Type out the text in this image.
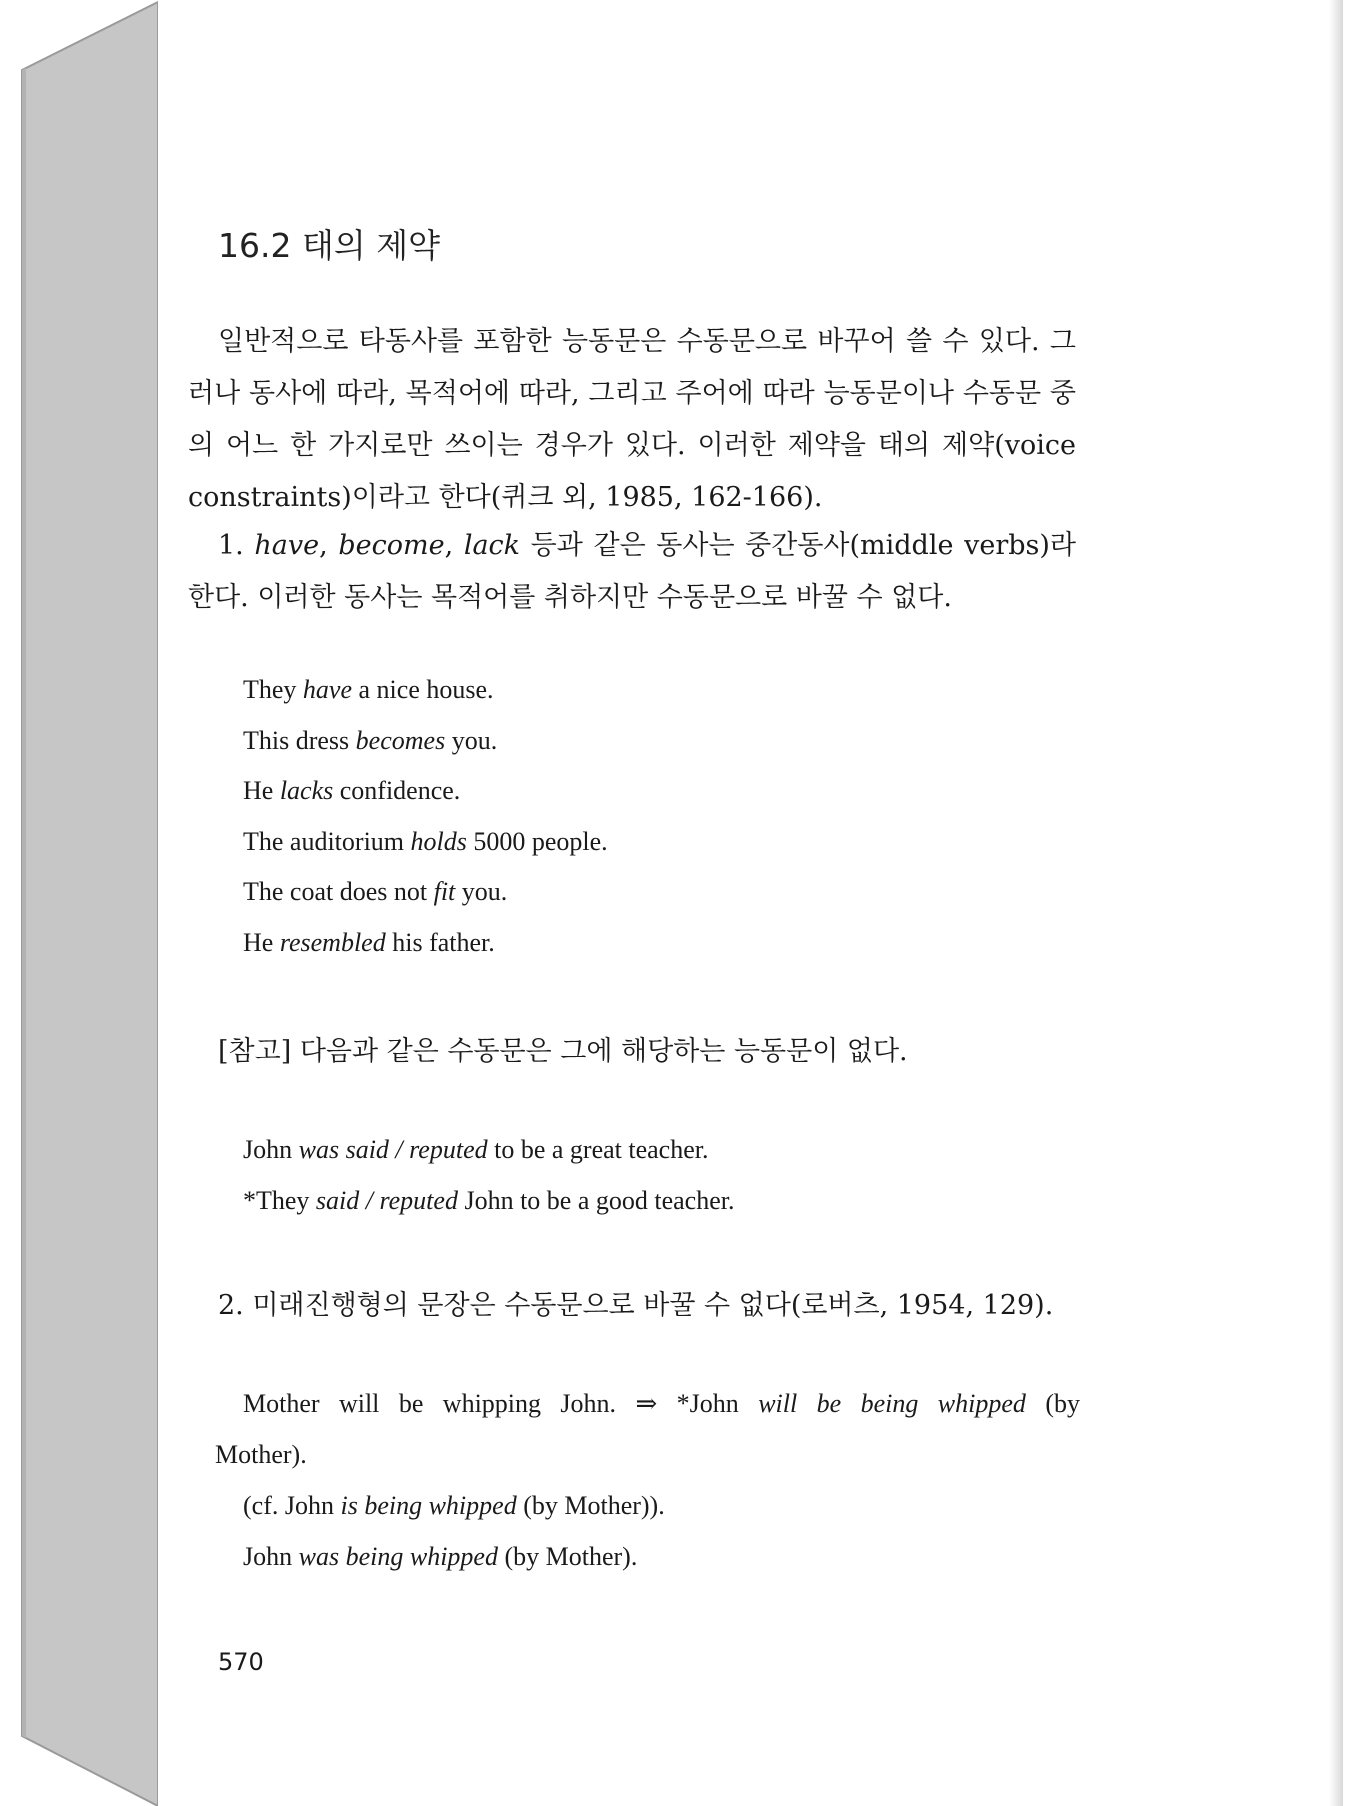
16.2 태의 제약
일반적으로 타동사를 포함한 능동문은 수동문으로 바꾸어 쓸 수 있다. 그러나 동사에 따라, 목적어에 따라, 그리고 주어에 따라 능동문이나 수동문 중의 어느 한 가지로만 쓰이는 경우가 있다. 이러한 제약을 태의 제약(voice constraints)이라고 한다(퀴크 외, 1985, 162-166).
1. have, become, lack 등과 같은 동사는 중간동사(middle verbs)라 한다. 이러한 동사는 목적어를 취하지만 수동문으로 바꿀 수 없다.
They have a nice house.
This dress becomes you.
He lacks confidence.
The auditorium holds 5000 people.
The coat does not fit you.
He resembled his father.
[참고] 다음과 같은 수동문은 그에 해당하는 능동문이 없다.
John was said / reputed to be a great teacher.
*They said / reputed John to be a good teacher.
2. 미래진행형의 문장은 수동문으로 바꿀 수 없다(로버츠, 1954, 129).
Mother will be whipping John. ⇒ *John will be being whipped (by
Mother).
(cf. John is being whipped (by Mother)).
John was being whipped (by Mother).
570
